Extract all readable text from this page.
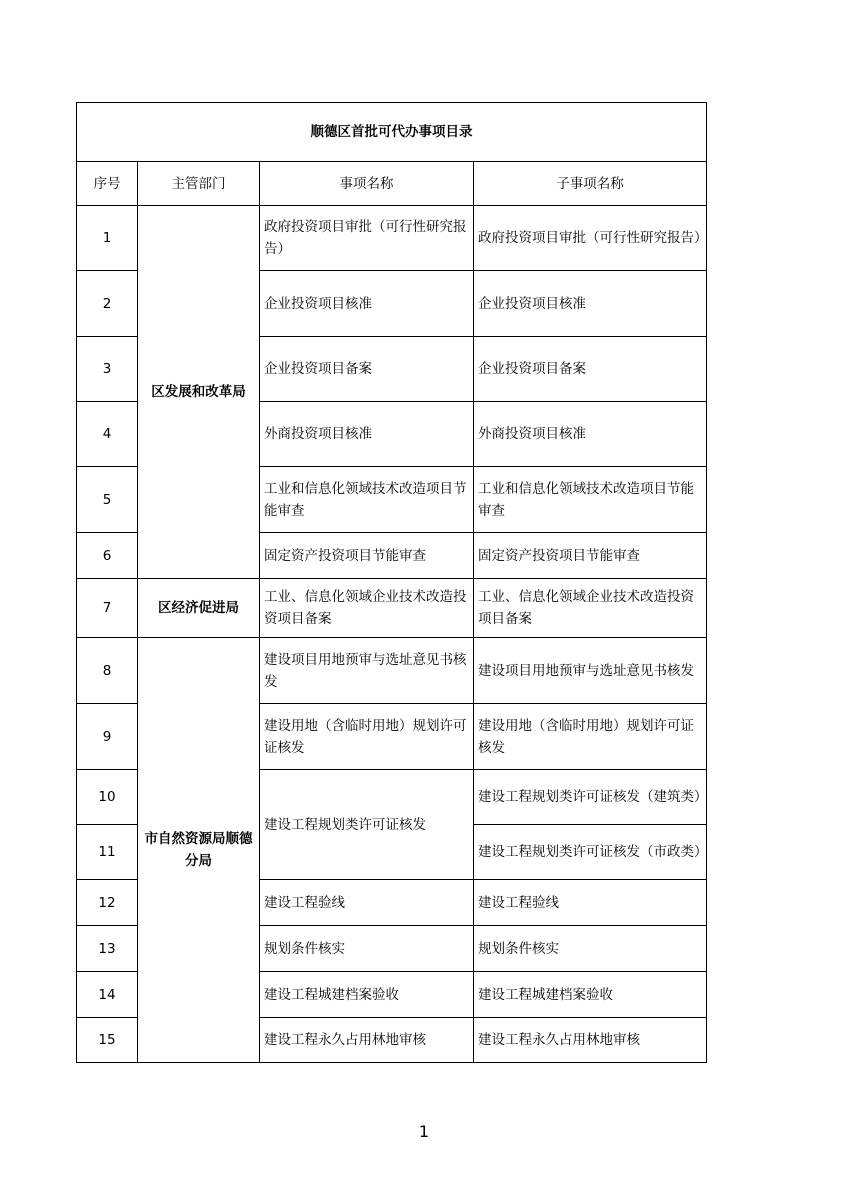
顺德区首批可代办事项目录			
序号	主管部门	事项名称	子事项名称
1	区发展和改革局	政府投资项目审批（可行性研究报告）	政府投资项目审批（可行性研究报告）
2		企业投资项目核准	企业投资项目核准
3		企业投资项目备案	企业投资项目备案
4		外商投资项目核准	外商投资项目核准
5		工业和信息化领域技术改造项目节能审查	工业和信息化领域技术改造项目节能审查
6		固定资产投资项目节能审查	固定资产投资项目节能审查
7	区经济促进局	工业、信息化领域企业技术改造投资项目备案	工业、信息化领域企业技术改造投资项目备案
8	市自然资源局顺德分局	建设项目用地预审与选址意见书核发	建设项目用地预审与选址意见书核发
9		建设用地（含临时用地）规划许可证核发	建设用地（含临时用地）规划许可证核发
10		建设工程规划类许可证核发	建设工程规划类许可证核发（建筑类）
11			建设工程规划类许可证核发（市政类）
12		建设工程验线	建设工程验线
13		规划条件核实	规划条件核实
14		建设工程城建档案验收	建设工程城建档案验收
15		建设工程永久占用林地审核	建设工程永久占用林地审核
1
